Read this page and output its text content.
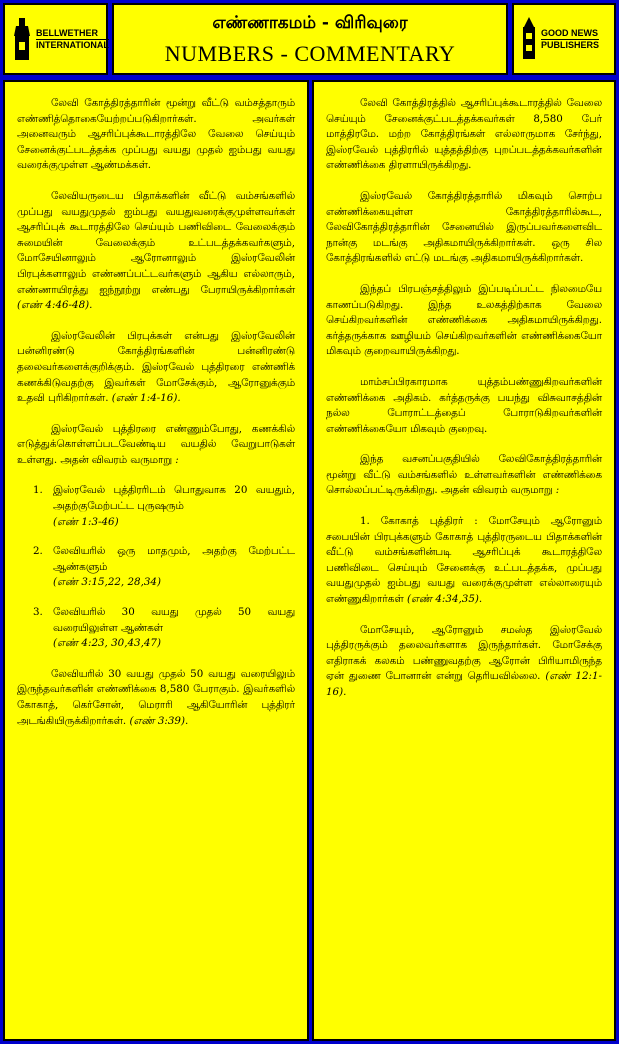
BELLWETHER
INTERNATIONAL
எண்ணாகமம் - விரிவுரை
NUMBERS - COMMENTARY
GOOD NEWS
PUBLISHERS

லேவி கோத்திரத்தாரின் மூன்று வீட்டு வம்சத்தாரும் எண்ணித்தொகையேற்றப்படுகிறார்கள். அவர்கள் அனைவரும் ஆசரிப்புக்கூடாரத்திலே வேலை செய்யும் சேனைக்குட்படத்தக்க முப்பது வயது முதல் ஐம்பது வயது வரைக்குமுள்ள ஆண்மக்கள்.

லேவியருடைய பிதாக்களின் வீட்டு வம்சங்களில் முப்பது வயதுமுதல் ஐம்பது வயதுவரைக்குமுள்ளவர்கள் ஆசரிப்புக் கூடாரத்திலே செய்யும் பணிவிடை வேலைக்கும் சுமையின் வேலைக்கும் உட்படத்தக்கவர்களும், மோசேயினாலும் ஆரோனாலும் இஸ்ரவேலின் பிரபுக்களாலும் எண்ணப்பட்டவர்களும் ஆகிய எல்லாரும், எண்ணாயிரத்து ஐந்நூற்று எண்பது பேராயிருக்கிறார்கள் (எண் 4:46-48).

இஸ்ரவேலின் பிரபுக்கள் என்பது இஸ்ரவேலின் பன்னிரண்டு கோத்திரங்களின் பன்னிரண்டு தலைவர்களைக்குறிக்கும். இஸ்ரவேல் புத்திரரை எண்ணிக் கணக்கிடுவதற்கு இவர்கள் மோசேக்கும், ஆரோனுக்கும் உதவி புரிகிறார்கள். (எண் 1:4-16).

இஸ்ரவேல் புத்திரரை எண்ணும்போது, கணக்கில் எடுத்துக்கொள்ளப்படவேண்டிய வயதில் வேறுபாடுகள் உள்ளது. அதன் விவரம் வருமாறு :

1. இஸ்ரவேல் புத்திரரிடம் பொதுவாக 20 வயதும், அதற்குமேற்பட்ட புருஷரும்
(எண் 1:3-46)
2. லேவியரில் ஒரு மாதமும், அதற்கு மேற்பட்ட ஆண்களும்
(எண் 3:15,22, 28,34)
3. லேவியரில் 30 வயது முதல் 50 வயது வரையிலுள்ள ஆண்கள்
(எண் 4:23, 30,43,47)

லேவியரில் 30 வயது முதல் 50 வயது வரையிலும் இருந்தவர்களின் எண்ணிக்கை 8,580 பேராகும். இவர்களில் கோகாத், கெர்சோன், மெராரி ஆகியோரின் புத்திரர் அடங்கியிருக்கிறார்கள். (எண் 3:39).

லேவி கோத்திரத்தில் ஆசரிப்புக்கூடாரத்தில் வேலை செய்யும் சேனைக்குட்படத்தக்கவர்கள் 8,580 பேர் மாத்திரமே. மற்ற கோத்திரங்கள் எல்லாருமாக சேர்ந்து, இஸ்ரவேல் புத்திரரில் யுத்தத்திற்கு புறப்படத்தக்கவர்களின் எண்ணிக்கை திரளாயிருக்கிறது.

இஸ்ரவேல் கோத்திரத்தாரில் மிகவும் சொற்ப எண்ணிக்கையுள்ள கோத்திரத்தாரில்கூட, லேவிகோத்திரத்தாரின் சேனையில் இருப்பவர்களைவிட நான்கு மடங்கு அதிகமாயிருக்கிறார்கள். ஒரு சில கோத்திரங்களில் எட்டு மடங்கு அதிகமாயிருக்கிறார்கள்.

இந்தப் பிரபஞ்சத்திலும் இப்படிப்பட்ட நிலமையே காணப்படுகிறது. இந்த உலகத்திற்காக வேலை செய்கிறவர்களின் எண்ணிக்கை அதிகமாயிருக்கிறது. கர்த்தருக்காக ஊழியம் செய்கிறவர்களின் எண்ணிக்கையோ மிகவும் குறைவாயிருக்கிறது.

மாம்சப்பிரகாரமாக யுத்தம்பண்ணுகிறவர்களின் எண்ணிக்கை அதிகம். கர்த்தருக்கு பயந்து விசுவாசத்தின் நல்ல போராட்டத்தைப் போராடுகிறவர்களின் எண்ணிக்கையோ மிகவும் குறைவு.

இந்த வசனப்பகுதியில் லேவிகோத்திரத்தாரின் மூன்று வீட்டு வம்சங்களில் உள்ளவர்களின் எண்ணிக்கை சொல்லப்பட்டிருக்கிறது. அதன் விவரம் வருமாறு :

1. கோகாத் புத்திரர் : மோசேயும் ஆரோனும் சபையின் பிரபுக்களும் கோகாத் புத்திரருடைய பிதாக்களின் வீட்டு வம்சங்களின்படி ஆசரிப்புக் கூடாரத்திலே பணிவிடை செய்யும் சேனைக்கு உட்படத்தக்க, முப்பது வயதுமுதல் ஐம்பது வயது வரைக்குமுள்ள எல்லாரையும் எண்ணுகிறார்கள் (எண் 4:34,35).

மோசேயும், ஆரோனும் சமஸ்த இஸ்ரவேல் புத்திரருக்கும் தலைவர்களாக இருந்தார்கள். மோசேக்கு எதிராகக் கலகம் பண்ணுவதற்கு ஆரோன் பிரியாமிருந்த ஏன் துணை போனான் என்று தெரியவில்லை. (எண் 12:1-16).
